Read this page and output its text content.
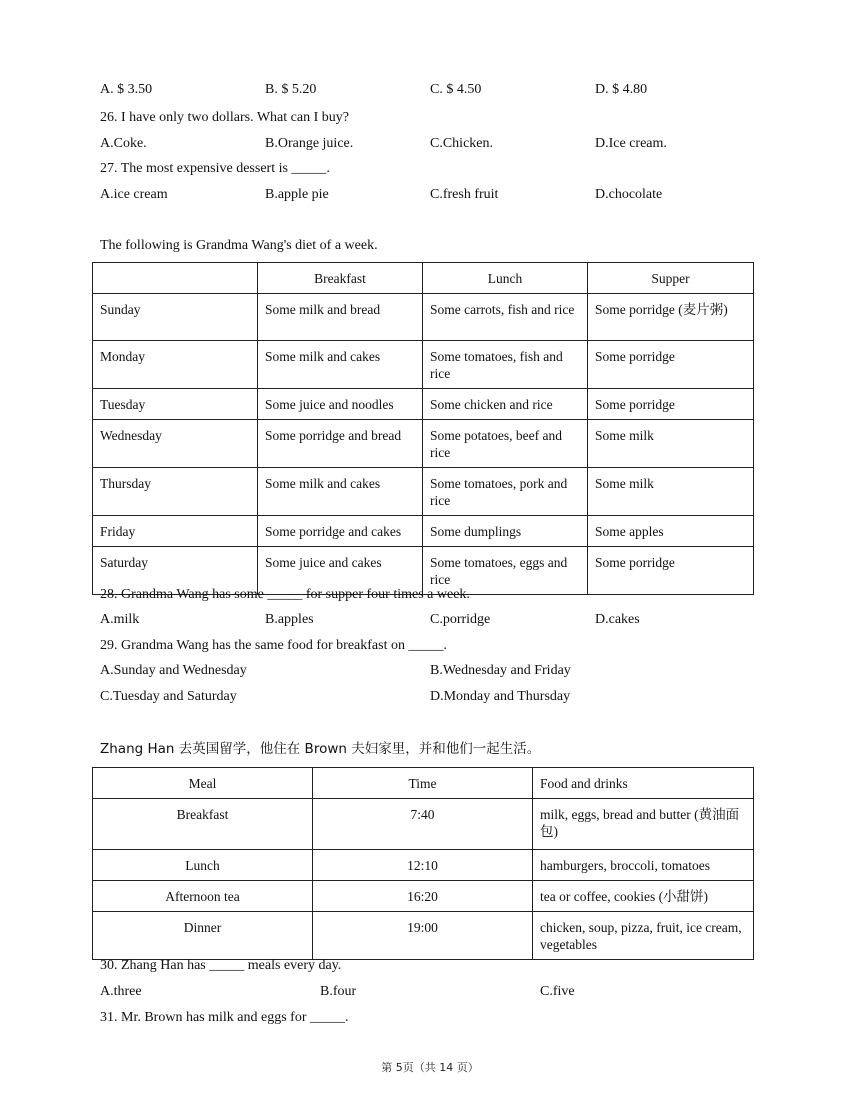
A. $ 3.50	B. $ 5.20	C. $ 4.50	D. $ 4.80
26. I have only two dollars. What can I buy?
A.Coke.	B.Orange juice.	C.Chicken.	D.Ice cream.
27. The most expensive dessert is _____.
A.ice cream	B.apple pie	C.fresh fruit	D.chocolate
The following is Grandma Wang's diet of a week.
	Breakfast	Lunch	Supper
Sunday	Some milk and bread	Some carrots, fish and rice	Some porridge (麦片粥)
Monday	Some milk and cakes	Some tomatoes, fish and rice	Some porridge
Tuesday	Some juice and noodles	Some chicken and rice	Some porridge
Wednesday	Some porridge and bread	Some potatoes, beef and rice	Some milk
Thursday	Some milk and cakes	Some tomatoes, pork and rice	Some milk
Friday	Some porridge and cakes	Some dumplings	Some apples
Saturday	Some juice and cakes	Some tomatoes, eggs and rice	Some porridge
28. Grandma Wang has some _____ for supper four times a week.
A.milk	B.apples	C.porridge	D.cakes
29. Grandma Wang has the same food for breakfast on _____.
A.Sunday and Wednesday	B.Wednesday and Friday
C.Tuesday and Saturday	D.Monday and Thursday
Zhang Han 去英国留学，他住在 Brown 夫妇家里，并和他们一起生活。
Meal	Time	Food and drinks
Breakfast	7:40	milk, eggs, bread and butter (黄油面包)
Lunch	12:10	hamburgers, broccoli, tomatoes
Afternoon tea	16:20	tea or coffee, cookies (小甜饼)
Dinner	19:00	chicken, soup, pizza, fruit, ice cream, vegetables
30. Zhang Han has _____ meals every day.
A.three	B.four	C.five
31. Mr. Brown has milk and eggs for _____.
第 5页（共 14 页）
